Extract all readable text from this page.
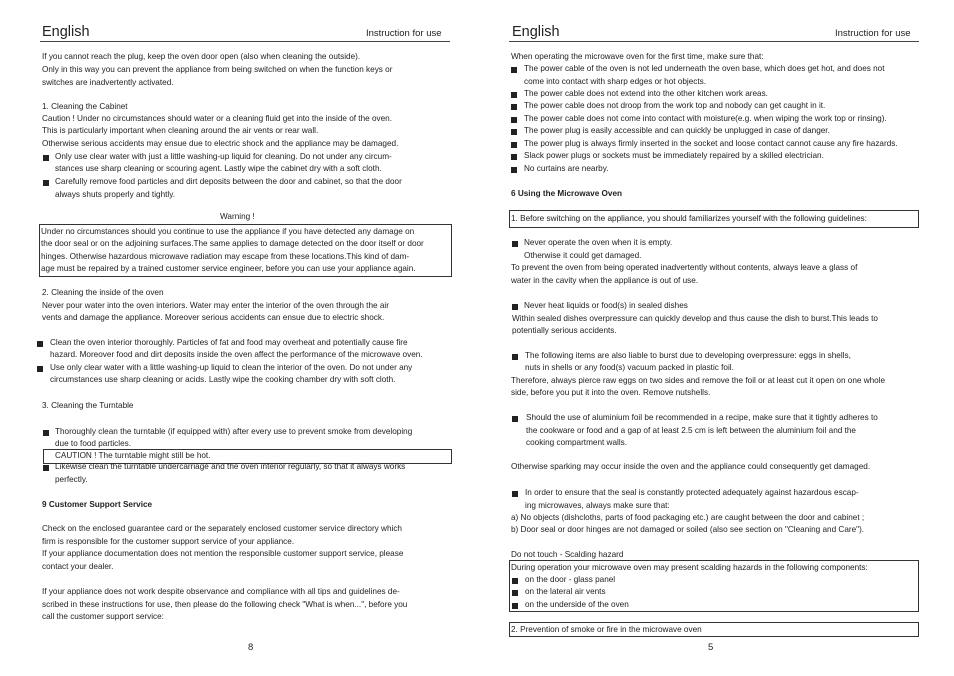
English	Instruction for use
If you cannot reach the plug, keep the oven door open (also when cleaning the outside).
Only in this way you can prevent the appliance from being switched on when the function keys or
switches are inadvertently activated.
1. Cleaning the Cabinet
Caution ! Under no circumstances should water or a cleaning fluid get into the inside of the oven.
This is particularly important when cleaning around the air vents or rear wall.
Otherwise serious accidents may ensue due to electric shock and the appliance may be damaged.
Only use clear water with just a little washing-up liquid for cleaning. Do not under any circum-
stances use sharp cleaning or scouring agent. Lastly wipe the cabinet dry with a soft cloth.
Carefully remove food particles and dirt deposits between the door and cabinet, so that the door
always shuts properly and tightly.
Warning !
Under no circumstances should you continue to use the appliance if you have detected any damage on
the door seal or on the adjoining surfaces.The same applies to damage detected on the door itself or door
hinges. Otherwise hazardous microwave radiation may escape from these locations.This kind of dam-
age must be repaired by a trained customer service engineer, before you can use your appliance again.
2. Cleaning the inside of the oven
Never pour water into the oven interiors. Water may enter the interior of the oven through the air
vents and damage the appliance. Moreover serious accidents can ensue due to electric shock.
Clean the oven interior thoroughly. Particles of fat and food may overheat and potentially cause fire
hazard. Moreover food and dirt deposits inside the oven affect the performance of the microwave oven.
Use only clear water with a little washing-up liquid to clean the interior of the oven. Do not under any
circumstances use sharp cleaning or acids. Lastly wipe the cooking chamber dry with soft cloth.
3. Cleaning the Turntable
Thoroughly clean the turntable (if equipped with) after every use to prevent smoke from developing
due to food particles.
CAUTION ! The turntable might still be hot.
Likewise clean the turntable undercarriage and the oven interior regularly, so that it always works
perfectly.
9 Customer Support Service
Check on the enclosed guarantee card or the separately enclosed customer service directory which
firm is responsible for the customer support service of your appliance.
If your appliance documentation does not mention the responsible customer support service, please
contact your dealer.
If your appliance does not work despite observance and compliance with all tips and guidelines de-
scribed in these instructions for use, then please do the following check "What is when...", before you
call the customer support service:
8
English	Instruction for use
When operating the microwave oven for the first time, make sure that:
The power cable of the oven is not led underneath the oven base, which does get hot, and does not
come into contact with sharp edges or hot objects.
The power cable does not extend into the other kitchen work areas.
The power cable does not droop from the work top and nobody can get caught in it.
The power cable does not come into contact with moisture(e.g. when wiping the work top or rinsing).
The power plug is easily accessible and can quickly be unplugged in case of danger.
The power plug is always firmly inserted in the socket and loose contact cannot cause any fire hazards.
Slack power plugs or sockets must be immediately repaired by a skilled electrician.
No curtains are nearby.
6 Using the Microwave Oven
1. Before switching on the appliance, you should familiarizes yourself with the following guidelines:
Never operate the oven when it is empty.
Otherwise it could get damaged.
To prevent the oven from being operated inadvertently without contents, always leave a glass of
water in the cavity when the appliance is out of use.
Never heat liquids or food(s) in sealed dishes
Within sealed dishes overpressure can quickly develop and thus cause the dish to burst.This leads to
potentially serious accidents.
The following items are also liable to burst due to developing overpressure: eggs in shells,
nuts in shells or any food(s) vacuum packed in plastic foil.
Therefore, always pierce raw eggs on two sides and remove the foil or at least cut it open on one whole
side, before you put it into the oven. Remove nutshells.
Should the use of aluminium foil be recommended in a recipe, make sure that it tightly adheres to
the cookware or food and a gap of at least 2.5 cm is left between the aluminium foil and the
cooking compartment walls.
Otherwise sparking may occur inside the oven and the appliance could consequently get damaged.
In order to ensure that the seal is constantly protected adequately against hazardous escap-
ing microwaves, always make sure that:
a) No objects (dishcloths, parts of food packaging etc.) are caught between the door and cabinet ;
b) Door seal or door hinges are not damaged or soiled (also see section on "Cleaning and Care").
Do not touch - Scalding hazard
During operation your microwave oven may present scalding hazards in the following components:
on the door - glass panel
on the lateral air vents
on the underside of the oven
2. Prevention of smoke or fire in the microwave oven
5
